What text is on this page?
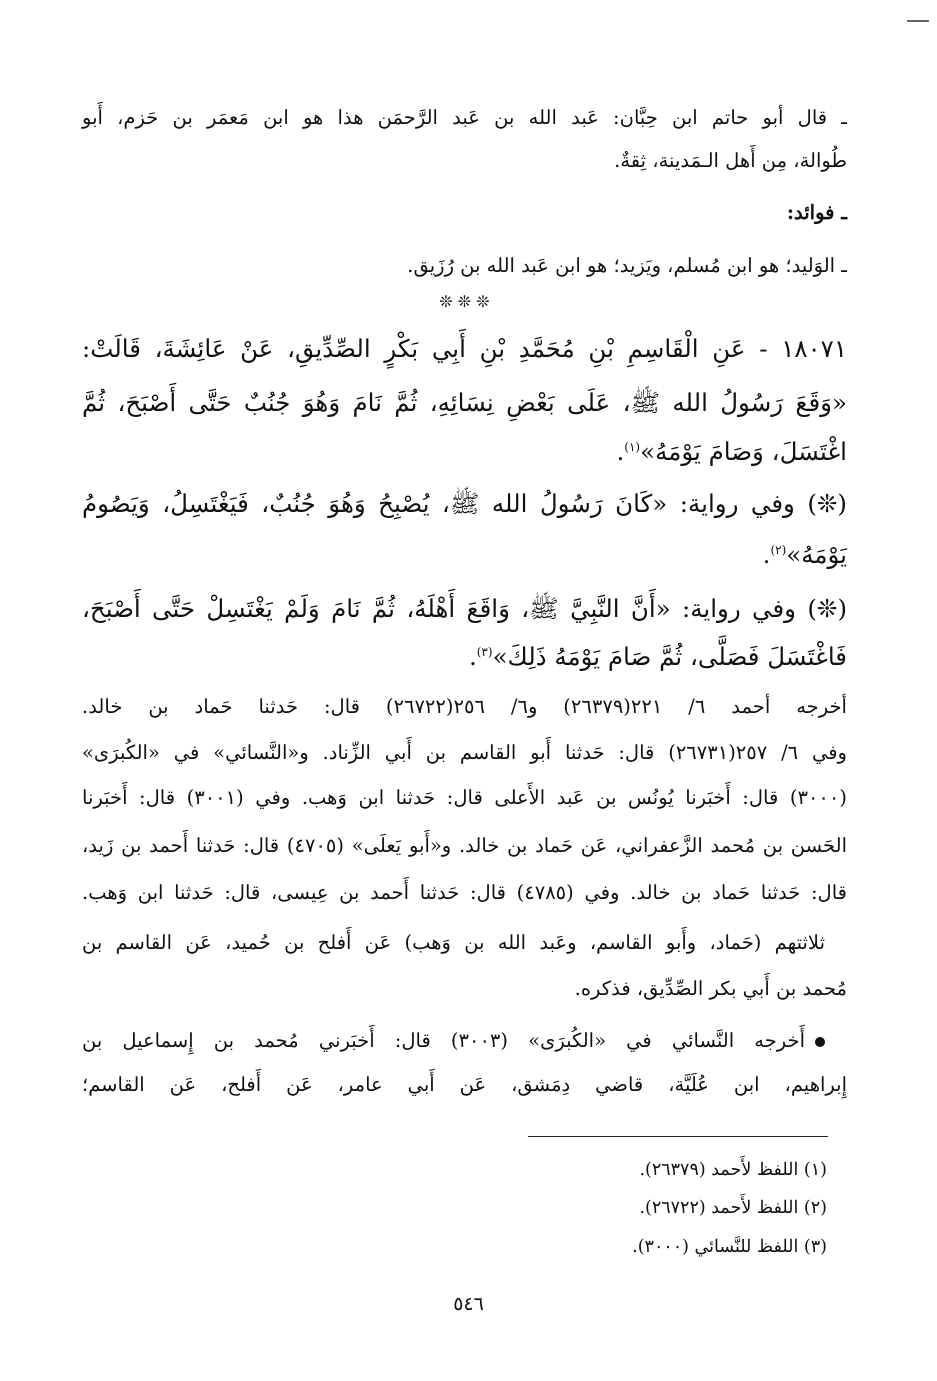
ـ قال أبو حاتم ابن حِبَّان: عَبد الله بن عَبد الرَّحمَن هذا هو ابن مَعمَر بن حَزم، أَبو
طُوالة، مِن أَهل الـمَدينة، ثِقةٌ.
ـ فوائد:
ـ الوَليد؛ هو ابن مُسلم، ويَزيد؛ هو ابن عَبد الله بن رُزَيق.
❊ ❊ ❊
١٨٠٧١ - عَنِ الْقَاسِمِ بْنِ مُحَمَّدِ بْنِ أَبِي بَكْرٍ الصِّدِّيقِ، عَنْ عَائِشَةَ، قَالَتْ:
«وَقَعَ رَسُولُ الله ﷺ، عَلَى بَعْضِ نِسَائِهِ، ثُمَّ نَامَ وَهُوَ جُنُبٌ حَتَّى أَصْبَحَ، ثُمَّ
اغْتَسَلَ، وَصَامَ يَوْمَهُ»$^{(١)}$.
(❊) وفي رواية: «كَانَ رَسُولُ الله ﷺ، يُصْبِحُ وَهُوَ جُنُبٌ، فَيَغْتَسِلُ، وَيَصُومُ
يَوْمَهُ»$^{(٢)}$.
(❊) وفي رواية: «أَنَّ النَّبِيَّ ﷺ، وَاقَعَ أَهْلَهُ، ثُمَّ نَامَ وَلَمْ يَغْتَسِلْ حَتَّى أَصْبَحَ،
فَاغْتَسَلَ فَصَلَّى، ثُمَّ صَامَ يَوْمَهُ ذَلِكَ»$^{(٣)}$.
أخرجه أحمد ٦/ ٢٢١(٢٦٣٧٩) و٦/ ٢٥٦(٢٦٧٢٢) قال: حَدثنا حَماد بن خالد.
وفي ٦/ ٢٥٧(٢٦٧٣١) قال: حَدثنا أَبو القاسم بن أَبي الزِّناد. و«النَّسائي» في «الكُبرَى»
(٣٠٠٠) قال: أَخبَرنا يُونُس بن عَبد الأَعلى قال: حَدثنا ابن وَهب. وفي (٣٠٠١) قال: أَخبَرنا
الحَسن بن مُحمد الزَّعفراني، عَن حَماد بن خالد. و«أَبو يَعلَى» (٤٧٠٥) قال: حَدثنا أَحمد بن زَيد،
قال: حَدثنا حَماد بن خالد. وفي (٤٧٨٥) قال: حَدثنا أَحمد بن عِيسى، قال: حَدثنا ابن وَهب.
ثلاثتهم (حَماد، وأَبو القاسم، وعَبد الله بن وَهب) عَن أَفلح بن حُميد، عَن القاسم بن
مُحمد بن أَبي بكر الصِّدِّيق، فذكره.
أَخرجه النَّسائي في «الكُبرَى» (٣٠٠٣) قال: أَخبَرني مُحمد بن إِسماعيل بن
إِبراهيم، ابن عُلَيَّة، قاضي دِمَشق، عَن أَبي عامر، عَن أَفلح، عَن القاسم؛
(١) اللفظ لأَحمد (٢٦٣٧٩).
(٢) اللفظ لأَحمد (٢٦٧٢٢).
(٣) اللفظ للنَّسائي (٣٠٠٠).
٥٤٦
